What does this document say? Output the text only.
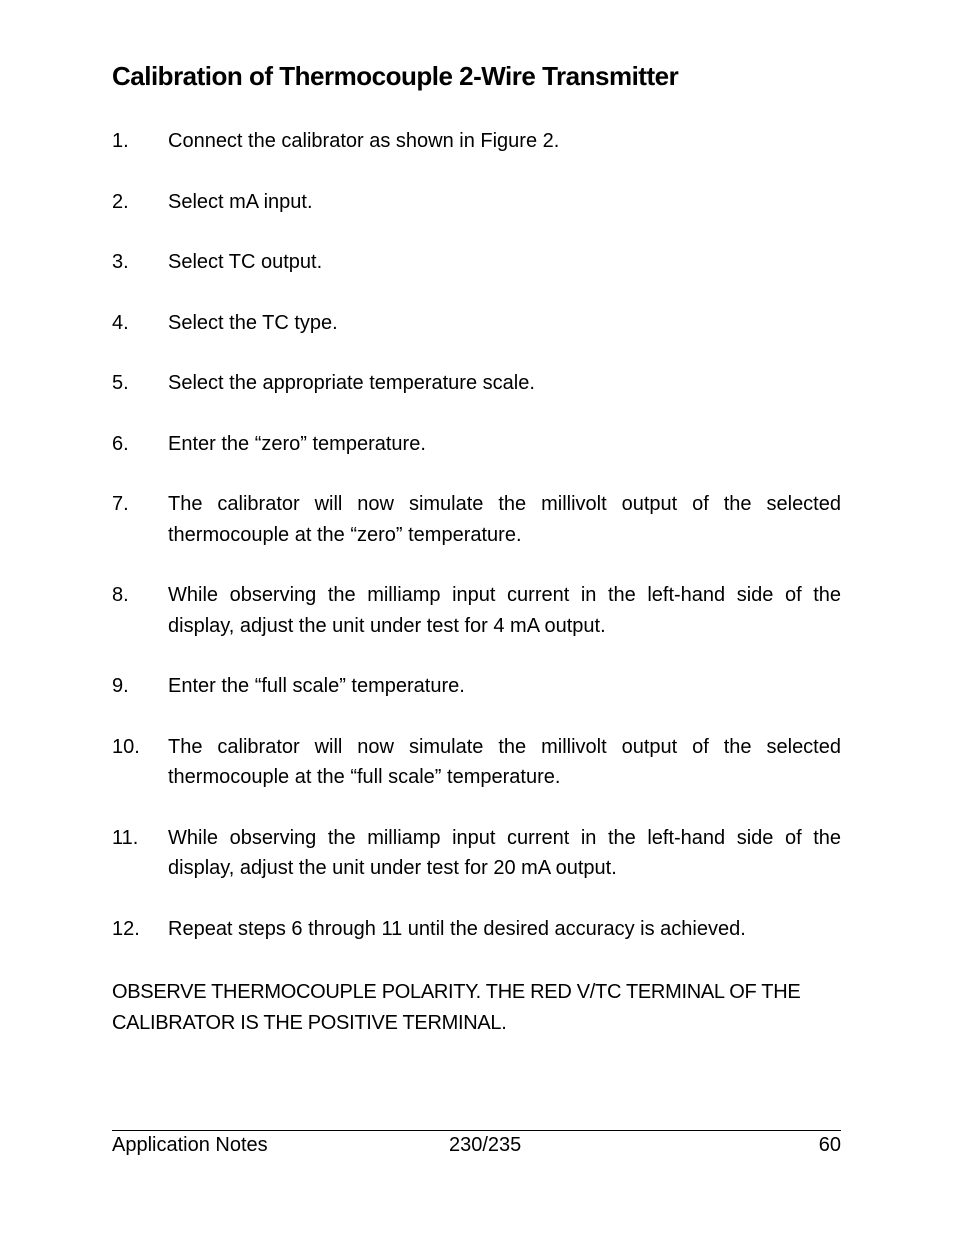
Calibration of Thermocouple 2-Wire Transmitter
1.	Connect the calibrator as shown in Figure 2.
2.	Select mA input.
3.	Select TC output.
4.	Select the TC type.
5.	Select the appropriate temperature scale.
6.	Enter the “zero” temperature.
7.	The calibrator will now simulate the millivolt output of the selected thermocouple at the “zero” temperature.
8.	While observing the milliamp input current in the left-hand side of the display, adjust the unit under test for 4 mA output.
9.	Enter the “full scale” temperature.
10.	The calibrator will now simulate the millivolt output of the selected thermocouple at the “full scale” temperature.
11.	While observing the milliamp input current in the left-hand side of the display, adjust the unit under test for 20 mA output.
12.	Repeat steps 6 through 11 until the desired accuracy is achieved.

OBSERVE THERMOCOUPLE POLARITY. THE RED V/TC TERMINAL OF THE CALIBRATOR IS THE POSITIVE TERMINAL.

Application Notes	230/235	60
